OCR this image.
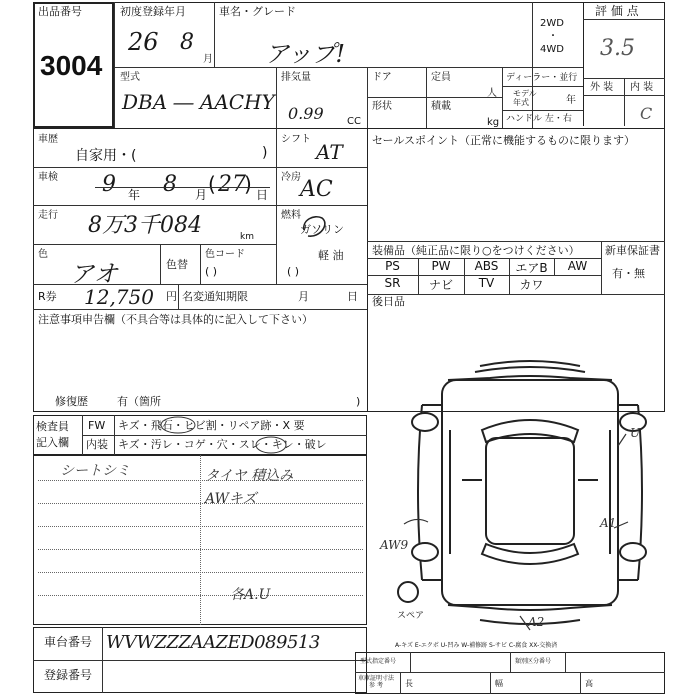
出品番号
3004
初度登録年月
26 8
月
車名・グレード
アップ!
2WD
・
4WD
評 価 点
3.5
外 装 内 装
C
型式
DBA ― AACHY
排気量
0.99 CC
ドア	定員
人
形状	積載
kg
ディーラー・並行
モデル
年式	年
ハンドル 左・右
車歴
自家用・(	)
シフト
AT	セールスポイント（正常に機能するものに限ります）
車検 9 年 8 月 ( 27
) 日
冷房 AC
走行 8万3千084	km
燃料
ガソリン
軽 油
( )
色
アオ	色替
色コード
( )
装備品（純正品に限り○をつけください） 新車保証書
有・無
PS	PW	ABS	エアB	AW
SR	ナビ	TV	カワ
後日品
R券 12,750 円 名変通知期限	月	日
注意事項申告欄（不具合等は具体的に記入して下さい）
修復歴	有（箇所	)
検査員
記入欄
FW キズ・飛石・ヒビ割・リペア跡・X 要
内装 キズ・汚レ・コゲ・穴・スレ・キレ・破レ
シートシミ	タイヤ 積込み
AWキズ
各A.U
スペア
AW9
A1
A2
U
A-キズ E-エクボ U-凹み W-補修跡 S-サビ C-腐食 XX-交換済
車台番号 WVWZZZAAZED089513
登録番号
型式指定番号	類別区分番号
車庫証明寸法
参 考	長	幅	高
